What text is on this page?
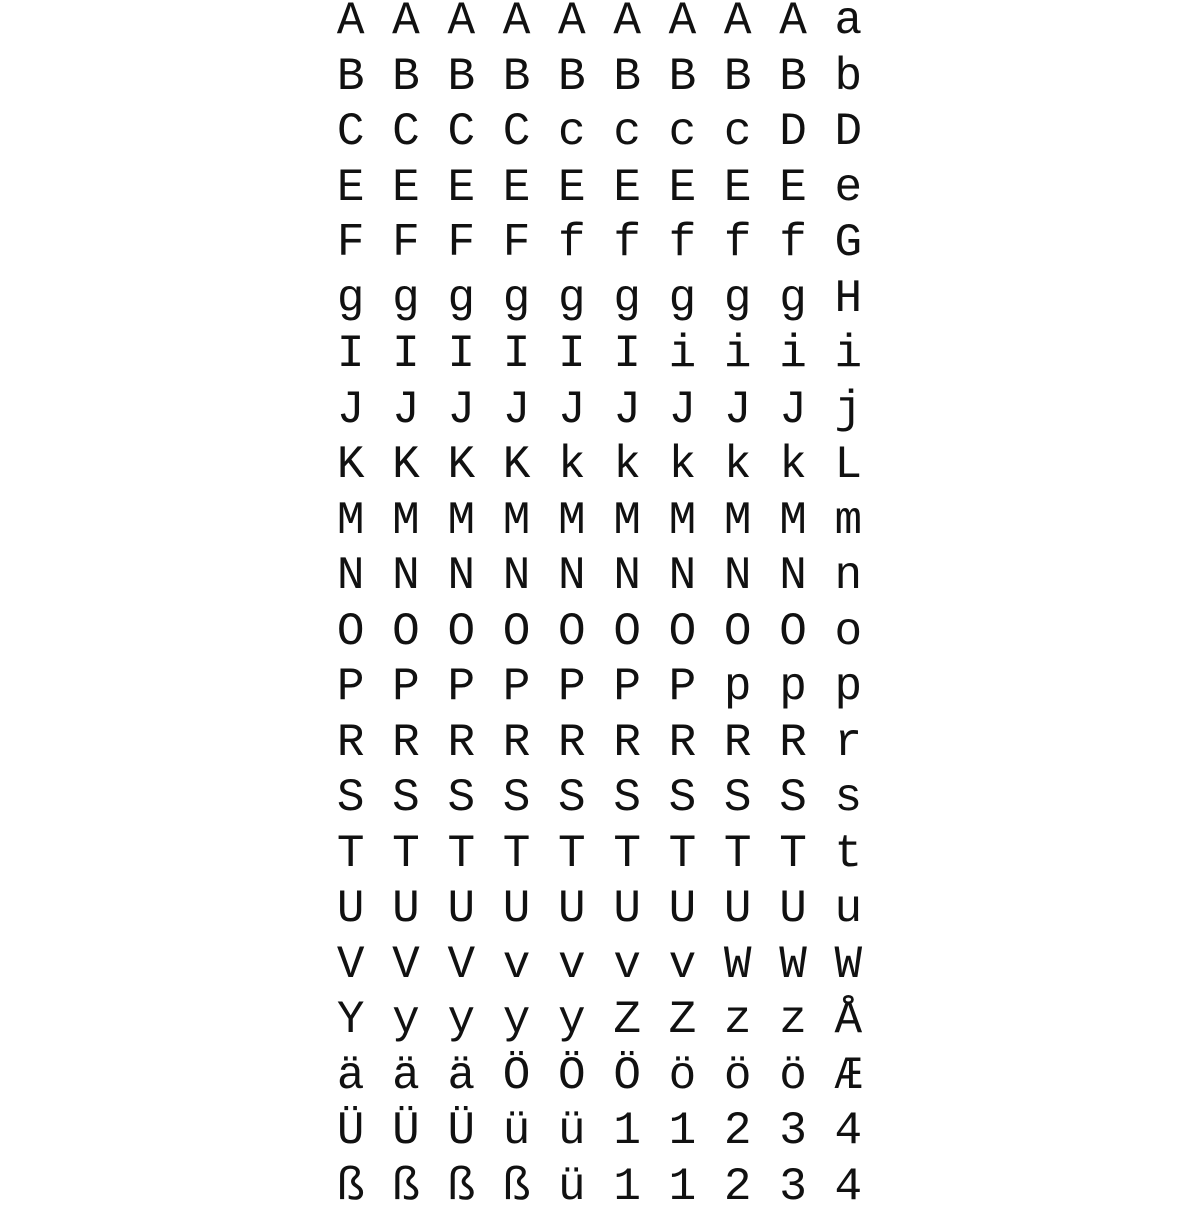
A A A A A A A A A a
B B B B B B B B B b
C C C C c c c c D D
E E E E E E E E E e
F F F F f f f f f G
g g g g g g g g g H
I I I I I I i i i i
J J J J J J J J J j
K K K K k k k k k L
M M M M M M M M M m
N N N N N N N N N n
O O O O O O O O O o
P P P P P P P p p p
R R R R R R R R R r
S S S S S S S S S s
T T T T T T T T T t
U U U U U U U U U u
V V V v v v v W W W
Y y y y y Z Z z z Å
ä ä ä Ö Ö Ö ö ö ö Æ
Ü Ü Ü ü ü 1 1 2 3 4
ß ß ß ß ü 1 1 2 3 4
